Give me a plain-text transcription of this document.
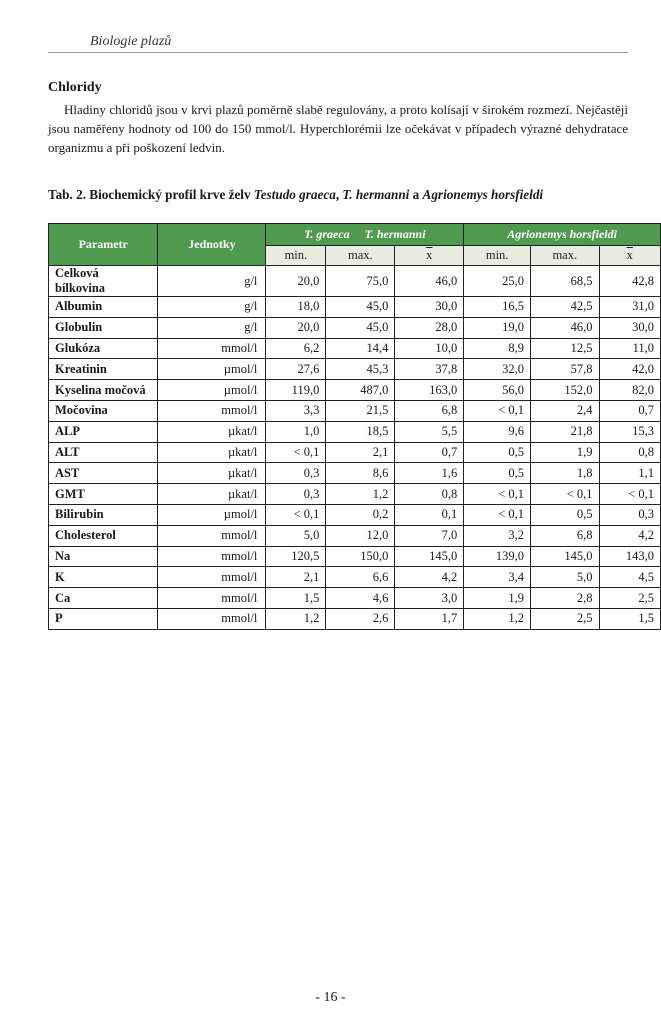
Biologie plazů
Chloridy
Hladiny chloridů jsou v krvi plazů poměrně slabě regulovány, a proto kolísají v širokém rozmezí. Nejčastěji jsou naměřeny hodnoty od 100 do 150 mmol/l. Hyperchlorémii lze očekávat v případech výrazné dehydratace organizmu a při poškození ledvin.
Tab. 2. Biochemický profil krve želv Testudo graeca, T. hermanni a Agrionemys horsfieldi
Parametr	Jednotky	T. graeca     T. hermanni			Agrionemys horsfieldi		
		min.	max.	$\overline{x}$	min.	max.	$\overline{x}$
Celková bílkovina	g/l	20,0	75,0	46,0	25,0	68,5	42,8
Albumin	g/l	18,0	45,0	30,0	16,5	42,5	31,0
Globulin	g/l	20,0	45,0	28,0	19,0	46,0	30,0
Glukóza	mmol/l	6,2	14,4	10,0	8,9	12,5	11,0
Kreatinin	µmol/l	27,6	45,3	37,8	32,0	57,8	42,0
Kyselina močová	µmol/l	119,0	487,0	163,0	56,0	152,0	82,0
Močovina	mmol/l	3,3	21,5	6,8	< 0,1	2,4	0,7
ALP	µkat/l	1,0	18,5	5,5	9,6	21,8	15,3
ALT	µkat/l	< 0,1	2,1	0,7	0,5	1,9	0,8
AST	µkat/l	0,3	8,6	1,6	0,5	1,8	1,1
GMT	µkat/l	0,3	1,2	0,8	< 0,1	< 0,1	< 0,1
Bilirubin	µmol/l	< 0,1	0,2	0,1	< 0,1	0,5	0,3
Cholesterol	mmol/l	5,0	12,0	7,0	3,2	6,8	4,2
Na	mmol/l	120,5	150,0	145,0	139,0	145,0	143,0
K	mmol/l	2,1	6,6	4,2	3,4	5,0	4,5
Ca	mmol/l	1,5	4,6	3,0	1,9	2,8	2,5
P	mmol/l	1,2	2,6	1,7	1,2	2,5	1,5
- 16 -
